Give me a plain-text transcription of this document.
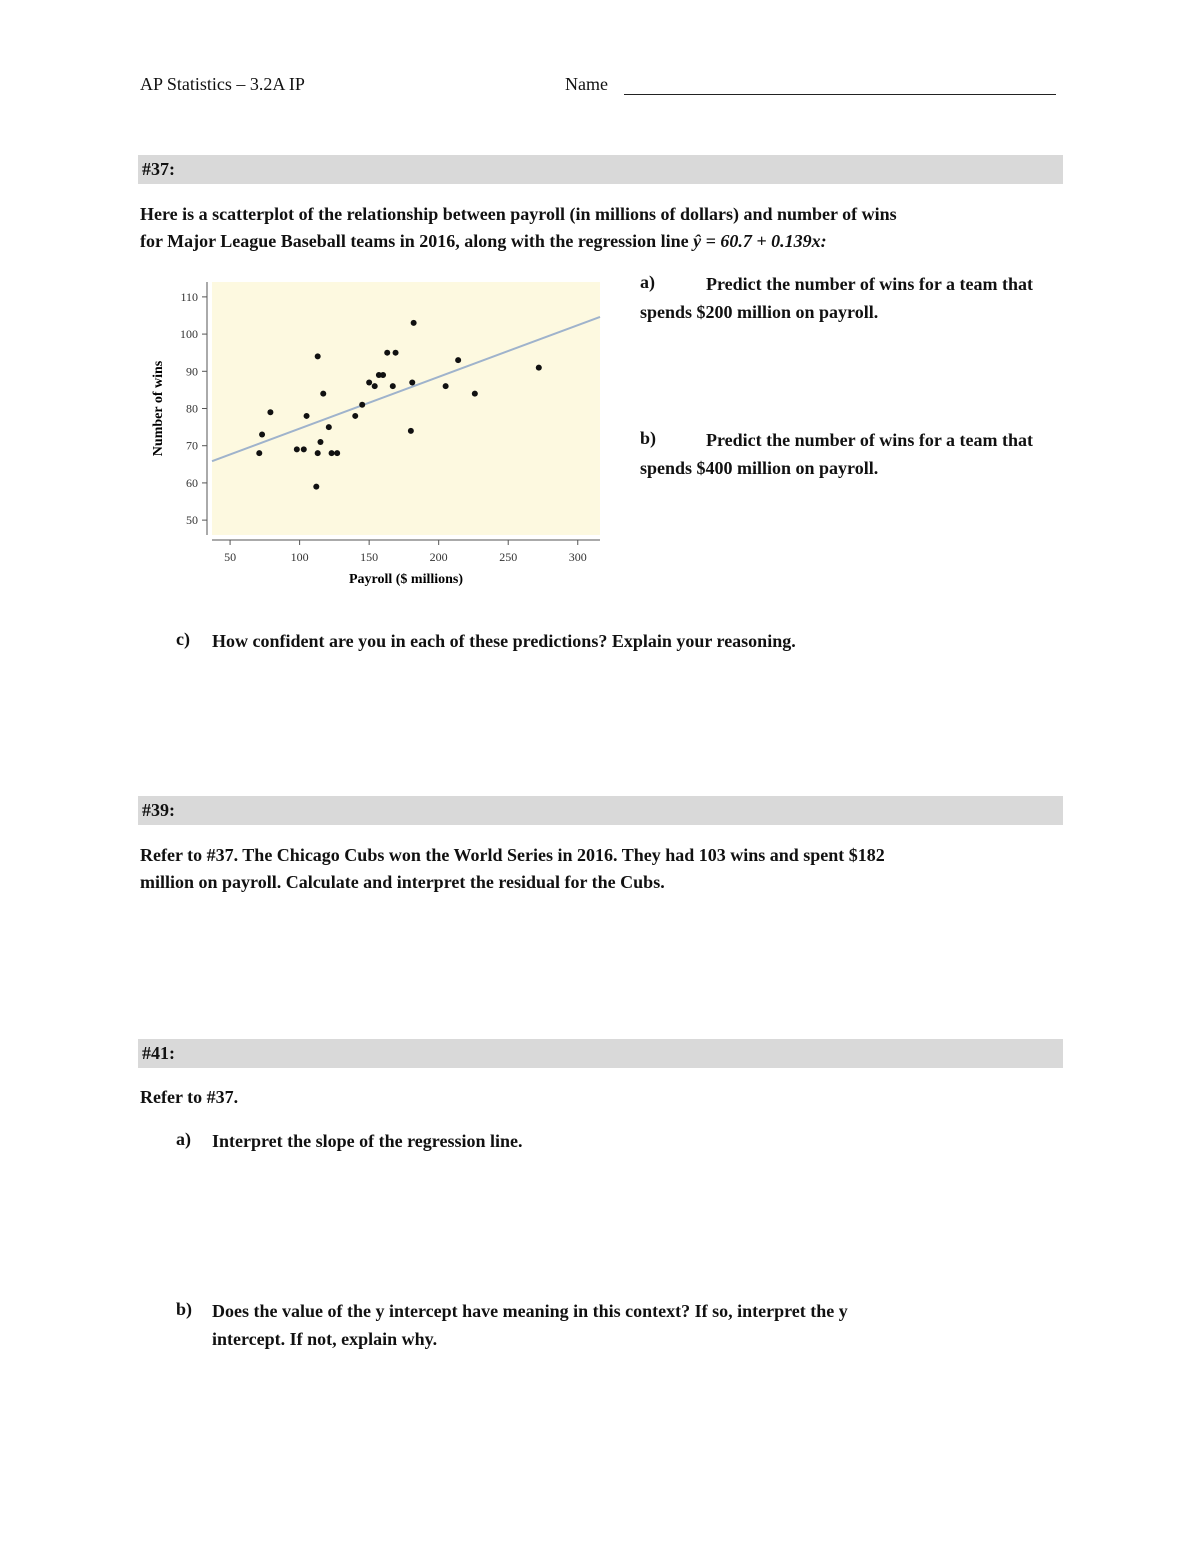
AP Statistics – 3.2A IP	Name
#37:
Here is a scatterplot of the relationship between payroll (in millions of dollars) and number of wins
for Major League Baseball teams in 2016, along with the regression line ŷ = 60.7 + 0.139x:
50	100	150	200	250	300
50
60
70
80
90
100
110
Payroll ($ millions)
Number of wins
a)	Predict the number of wins for a team that spends $200 million on payroll.
b)	Predict the number of wins for a team that spends $400 million on payroll.
c) How confident are you in each of these predictions? Explain your reasoning.
#39:
Refer to #37. The Chicago Cubs won the World Series in 2016. They had 103 wins and spent $182
million on payroll. Calculate and interpret the residual for the Cubs.
#41:
Refer to #37.
a) Interpret the slope of the regression line.
b) Does the value of the y intercept have meaning in this context? If so, interpret the y
intercept. If not, explain why.
